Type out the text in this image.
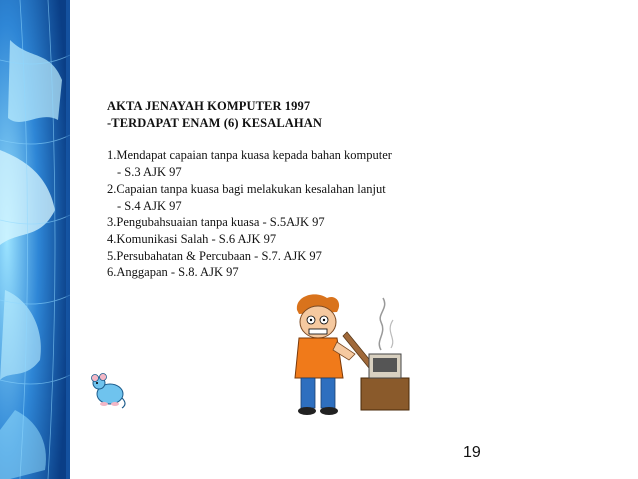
AKTA JENAYAH KOMPUTER 1997
-TERDAPAT ENAM (6) KESALAHAN
1.Mendapat capaian tanpa kuasa kepada bahan komputer
- S.3 AJK 97
2.Capaian tanpa kuasa bagi melakukan kesalahan lanjut
- S.4 AJK 97
3.Pengubahsuaian tanpa kuasa - S.5AJK 97
4.Komunikasi Salah - S.6 AJK 97
5.Persubahatan & Percubaan - S.7. AJK 97
6.Anggapan - S.8. AJK 97
19
